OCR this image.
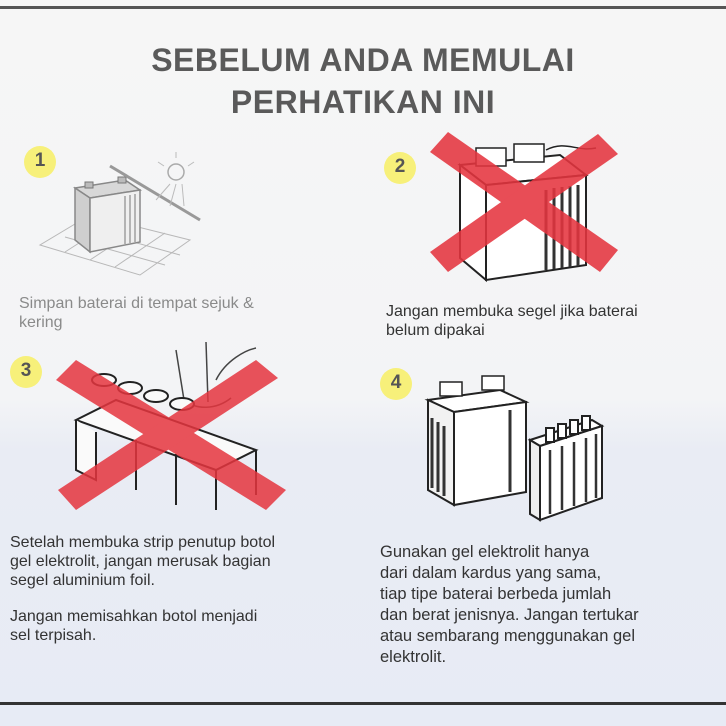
SEBELUM ANDA MEMULAI
PERHATIKAN INI
1
Simpan baterai di tempat sejuk &
kering
2
Jangan membuka segel jika baterai
belum dipakai
3
Setelah membuka strip penutup botol
gel elektrolit, jangan merusak bagian
segel aluminium foil.
Jangan memisahkan botol menjadi
sel terpisah.
4
Gunakan gel elektrolit hanya
dari dalam kardus yang sama,
tiap tipe baterai berbeda jumlah
dan berat jenisnya. Jangan tertukar
atau sembarang menggunakan gel
elektrolit.
